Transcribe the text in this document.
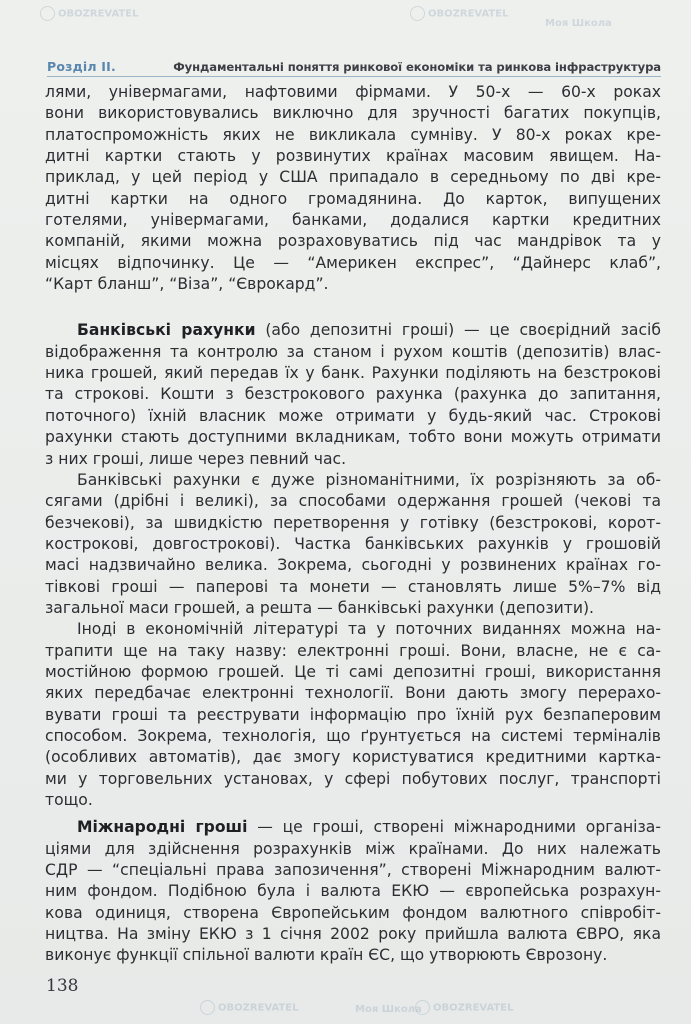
OBOZREVATEL	OBOZREVATEL
Моя Школа
OBOZREVATEL	OBOZREVATEL
Моя Школа
Розділ ІІ.	Фундаментальні поняття ринкової економіки та ринкова інфраструктура

лями, універмагами, нафтовими фірмами. У 50-х — 60-х роках
вони використовувались виключно для зручності багатих покупців,
платоспроможність яких не викликала сумніву. У 80-х роках кре-
дитні картки стають у розвинутих країнах масовим явищем. На-
приклад, у цей період у США припадало в середньому по дві кре-
дитні картки на одного громадянина. До карток, випущених
готелями, універмагами, банками, додалися картки кредитних
компаній, якими можна розраховуватись під час мандрівок та у
місцях відпочинку. Це — “Америкен експрес”, “Дайнерс клаб”,
“Карт бланш”, “Віза”, “Єврокард”.

Банківські рахунки (або депозитні гроші) — це своєрідний засіб
відображення та контролю за станом і рухом коштів (депозитів) влас-
ника грошей, який передав їх у банк. Рахунки поділяють на безстрокові
та строкові. Кошти з безстрокового рахунка (рахунка до запитання,
поточного) їхній власник може отримати у будь-який час. Строкові
рахунки стають доступними вкладникам, тобто вони можуть отримати
з них гроші, лише через певний час.

Банківські рахунки є дуже різноманітними, їх розрізняють за об-
сягами (дрібні і великі), за способами одержання грошей (чекові та
безчекові), за швидкістю перетворення у готівку (безстрокові, корот-
кострокові, довгострокові). Частка банківських рахунків у грошовій
масі надзвичайно велика. Зокрема, сьогодні у розвинених країнах го-
тівкові гроші — паперові та монети — становлять лише 5%–7% від
загальної маси грошей, а решта — банківські рахунки (депозити).

Іноді в економічній літературі та у поточних виданнях можна на-
трапити ще на таку назву: електронні гроші. Вони, власне, не є са-
мостійною формою грошей. Це ті самі депозитні гроші, використання
яких передбачає електронні технології. Вони дають змогу перерахо-
вувати гроші та реєструвати інформацію про їхній рух безпаперовим
способом. Зокрема, технологія, що ґрунтується на системі терміналів
(особливих автоматів), дає змогу користуватися кредитними картка-
ми у торговельних установах, у сфері побутових послуг, транспорті
тощо.

Міжнародні гроші — це гроші, створені міжнародними організа-
ціями для здійснення розрахунків між країнами. До них належать
СДР — “спеціальні права запозичення”, створені Міжнародним валют-
ним фондом. Подібною була і валюта ЕКЮ — європейська розрахун-
кова одиниця, створена Європейським фондом валютного співробіт-
ництва. На зміну ЕКЮ з 1 січня 2002 року прийшла валюта ЄВРО, яка
виконує функції спільної валюти країн ЄС, що утворюють Єврозону.

138
